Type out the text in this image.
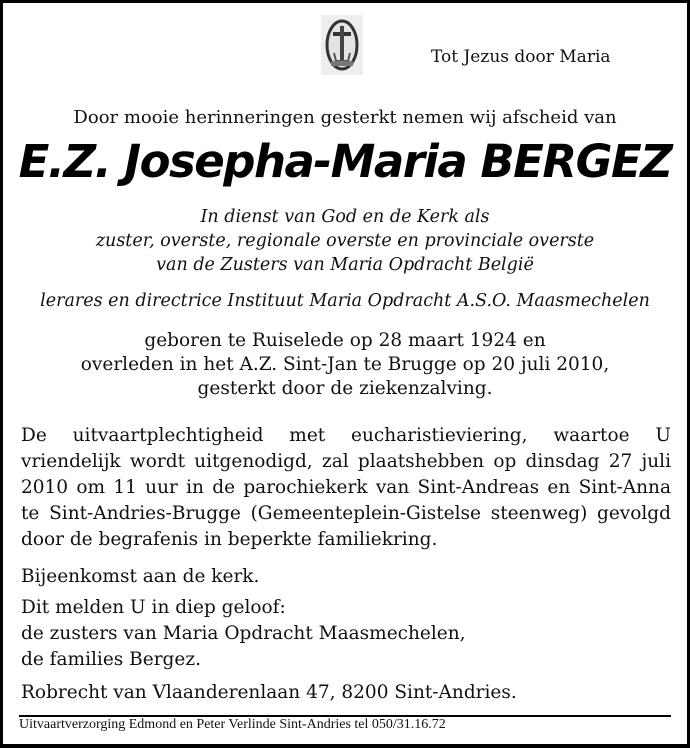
Tot Jezus door Maria
Door mooie herinneringen gesterkt nemen wij afscheid van
E.Z. Josepha-Maria BERGEZ
In dienst van God en de Kerk als
zuster, overste, regionale overste en provinciale overste
van de Zusters van Maria Opdracht België
lerares en directrice Instituut Maria Opdracht A.S.O. Maasmechelen
geboren te Ruiselede op 28 maart 1924 en
overleden in het A.Z. Sint-Jan te Brugge op 20 juli 2010,
gesterkt door de ziekenzalving.
De uitvaartplechtigheid met eucharistieviering, waartoe U vriendelijk wordt uitgenodigd, zal plaatshebben op dinsdag 27 juli 2010 om 11 uur in de parochiekerk van Sint-Andreas en Sint-Anna te Sint-Andries-Brugge (Gemeenteplein-Gistelse steenweg) gevolgd door de begrafenis in beperkte familiekring.
Bijeenkomst aan de kerk.
Dit melden U in diep geloof:
de zusters van Maria Opdracht Maasmechelen,
de families Bergez.
Robrecht van Vlaanderenlaan 47, 8200 Sint-Andries.
Uitvaartverzorging Edmond en Peter Verlinde Sint-Andries tel 050/31.16.72
